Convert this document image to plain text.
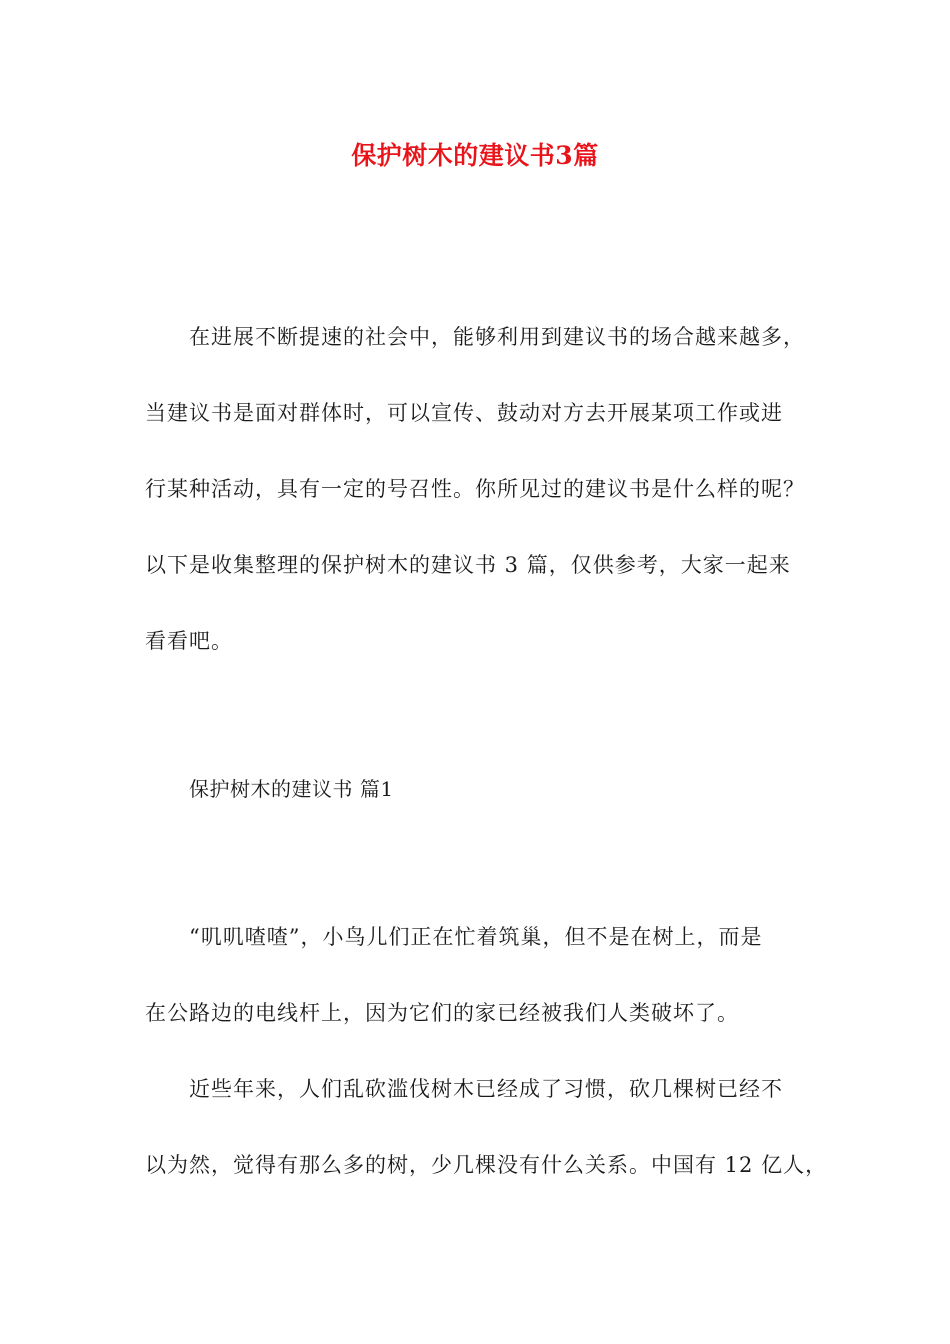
保护树木的建议书3篇
在进展不断提速的社会中，能够利用到建议书的场合越来越多，
当建议书是面对群体时，可以宣传、鼓动对方去开展某项工作或进
行某种活动，具有一定的号召性。你所见过的建议书是什么样的呢？
以下是收集整理的保护树木的建议书 3 篇，仅供参考，大家一起来
看看吧。
保护树木的建议书 篇1
“叽叽喳喳”，小鸟儿们正在忙着筑巢，但不是在树上，而是
在公路边的电线杆上，因为它们的家已经被我们人类破坏了。
近些年来，人们乱砍滥伐树木已经成了习惯，砍几棵树已经不
以为然，觉得有那么多的树，少几棵没有什么关系。中国有 12 亿人，
